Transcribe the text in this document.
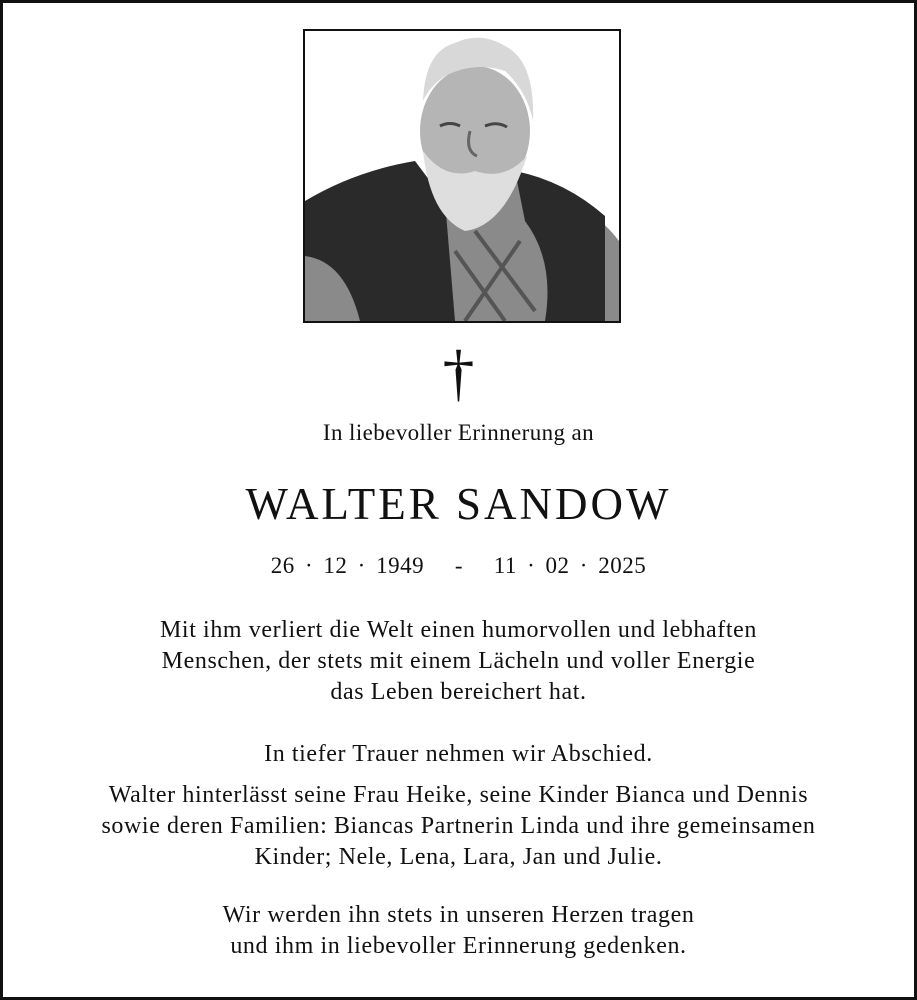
†
In liebevoller Erinnerung an
WALTER SANDOW
26 · 12 · 1949   -   11 · 02 · 2025
Mit ihm verliert die Welt einen humorvollen und lebhaften
Menschen, der stets mit einem Lächeln und voller Energie
das Leben bereichert hat.
In tiefer Trauer nehmen wir Abschied.
Walter hinterlässt seine Frau Heike, seine Kinder Bianca und Dennis
sowie deren Familien: Biancas Partnerin Linda und ihre gemeinsamen
Kinder; Nele, Lena, Lara, Jan und Julie.
Wir werden ihn stets in unseren Herzen tragen
und ihm in liebevoller Erinnerung gedenken.
